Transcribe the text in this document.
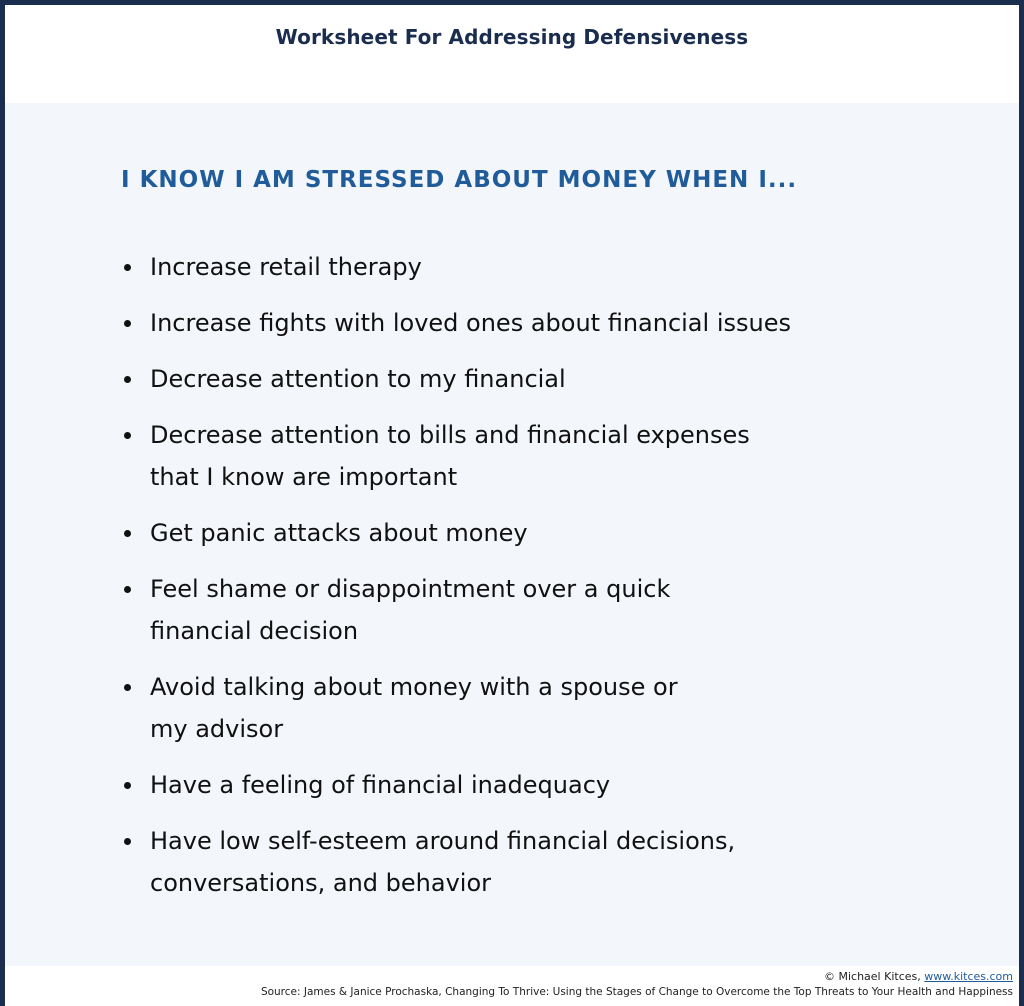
Worksheet For Addressing Defensiveness
I KNOW I AM STRESSED ABOUT MONEY WHEN I...
Increase retail therapy
Increase fights with loved ones about financial issues
Decrease attention to my financial
Decrease attention to bills and financial expenses
that I know are important
Get panic attacks about money
Feel shame or disappointment over a quick
financial decision
Avoid talking about money with a spouse or
my advisor
Have a feeling of financial inadequacy
Have low self-esteem around financial decisions,
conversations, and behavior
© Michael Kitces, www.kitces.com
Source: James & Janice Prochaska, Changing To Thrive: Using the Stages of Change to Overcome the Top Threats to Your Health and Happiness
